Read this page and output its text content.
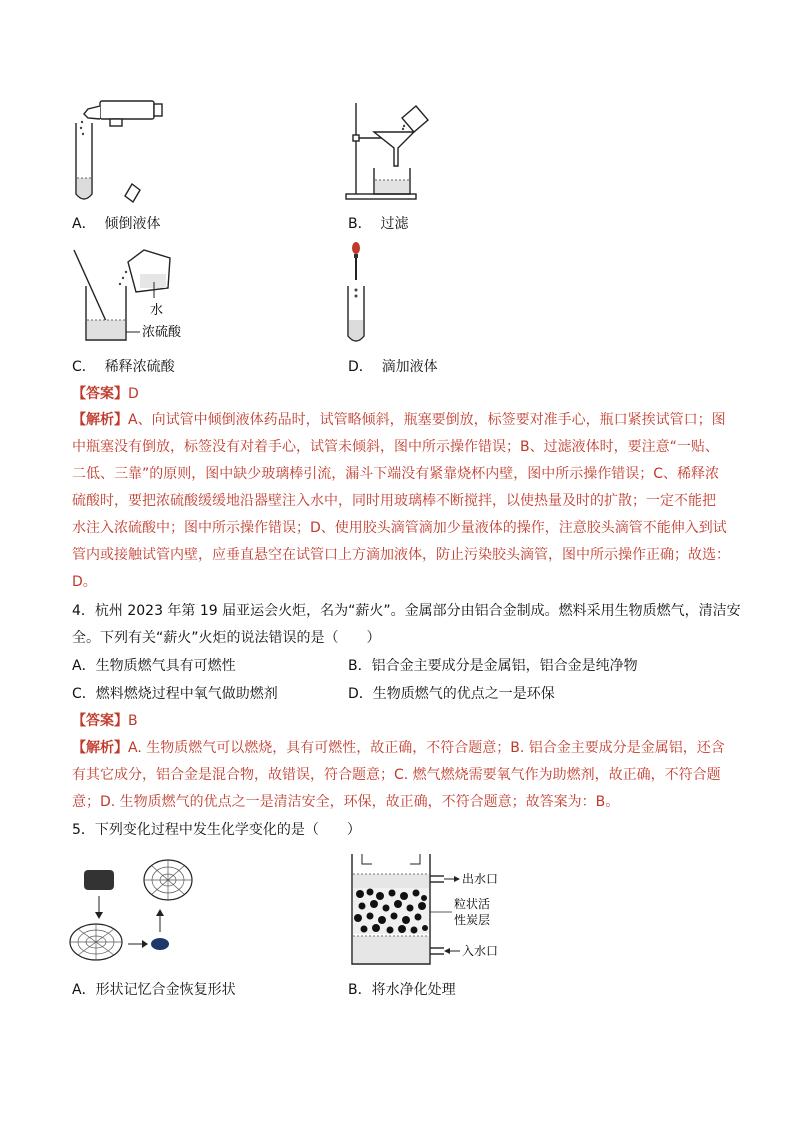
水
浓硫酸
A． 倾倒液体	B． 过滤
C． 稀释浓硫酸	D． 滴加液体
【答案】D
【解析】A、向试管中倾倒液体药品时，试管略倾斜，瓶塞要倒放，标签要对准手心，瓶口紧挨试管口；图
中瓶塞没有倒放，标签没有对着手心，试管未倾斜，图中所示操作错误；B、过滤液体时，要注意“一贴、
二低、三靠”的原则，图中缺少玻璃棒引流，漏斗下端没有紧靠烧杯内壁，图中所示操作错误；C、稀释浓
硫酸时，要把浓硫酸缓缓地沿器壁注入水中，同时用玻璃棒不断搅拌，以使热量及时的扩散；一定不能把
水注入浓硫酸中；图中所示操作错误；D、使用胶头滴管滴加少量液体的操作，注意胶头滴管不能伸入到试
管内或接触试管内壁，应垂直悬空在试管口上方滴加液体，防止污染胶头滴管，图中所示操作正确；故选：
D。
4．杭州 2023 年第 19 届亚运会火炬，名为“薪火”。金属部分由铝合金制成。燃料采用生物质燃气，清洁安
全。下列有关“薪火”火炬的说法错误的是（　　）
A．生物质燃气具有可燃性	B．铝合金主要成分是金属铝，铝合金是纯净物
C．燃料燃烧过程中氧气做助燃剂	D．生物质燃气的优点之一是环保
【答案】B
【解析】A. 生物质燃气可以燃烧，具有可燃性，故正确，不符合题意；B. 铝合金主要成分是金属铝，还含
有其它成分，铝合金是混合物，故错误，符合题意；C. 燃气燃烧需要氧气作为助燃剂，故正确，不符合题
意；D. 生物质燃气的优点之一是清洁安全，环保，故正确，不符合题意；故答案为：B。
5．下列变化过程中发生化学变化的是（　　）
出水口
粒状活
性炭层
入水口
A．形状记忆合金恢复形状	B．将水净化处理
